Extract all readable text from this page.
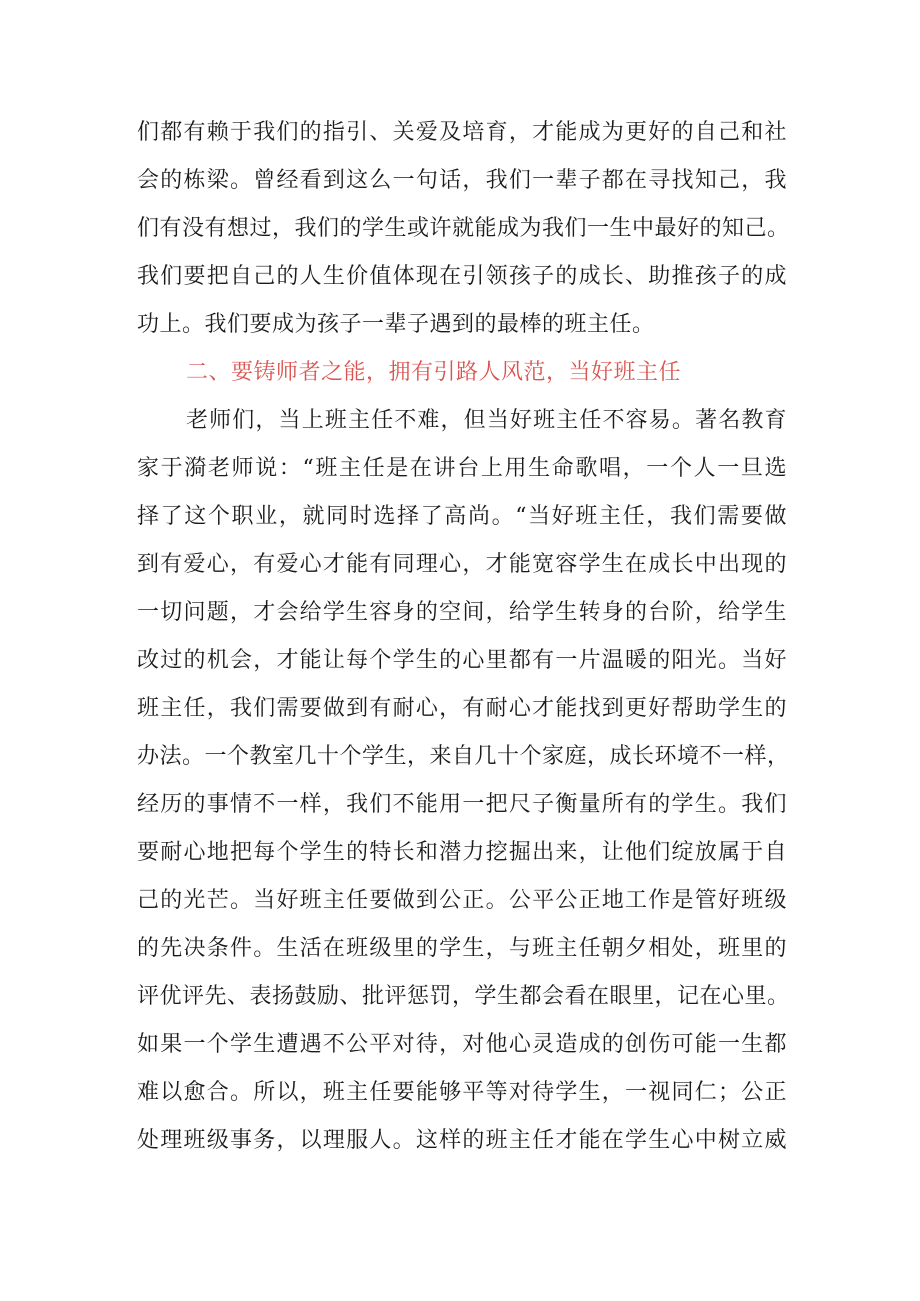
们都有赖于我们的指引、关爱及培育，才能成为更好的自己和社
会的栋梁。曾经看到这么一句话，我们一辈子都在寻找知己，我
们有没有想过，我们的学生或许就能成为我们一生中最好的知己。
我们要把自己的人生价值体现在引领孩子的成长、助推孩子的成
功上。我们要成为孩子一辈子遇到的最棒的班主任。
二、要铸师者之能，拥有引路人风范，当好班主任
老师们，当上班主任不难，但当好班主任不容易。著名教育
家于漪老师说：“班主任是在讲台上用生命歌唱，一个人一旦选
择了这个职业，就同时选择了高尚。“当好班主任，我们需要做
到有爱心，有爱心才能有同理心，才能宽容学生在成长中出现的
一切问题，才会给学生容身的空间，给学生转身的台阶，给学生
改过的机会，才能让每个学生的心里都有一片温暖的阳光。当好
班主任，我们需要做到有耐心，有耐心才能找到更好帮助学生的
办法。一个教室几十个学生，来自几十个家庭，成长环境不一样，
经历的事情不一样，我们不能用一把尺子衡量所有的学生。我们
要耐心地把每个学生的特长和潜力挖掘出来，让他们绽放属于自
己的光芒。当好班主任要做到公正。公平公正地工作是管好班级
的先决条件。生活在班级里的学生，与班主任朝夕相处，班里的
评优评先、表扬鼓励、批评惩罚，学生都会看在眼里，记在心里。
如果一个学生遭遇不公平对待，对他心灵造成的创伤可能一生都
难以愈合。所以，班主任要能够平等对待学生，一视同仁；公正
处理班级事务，以理服人。这样的班主任才能在学生心中树立威
